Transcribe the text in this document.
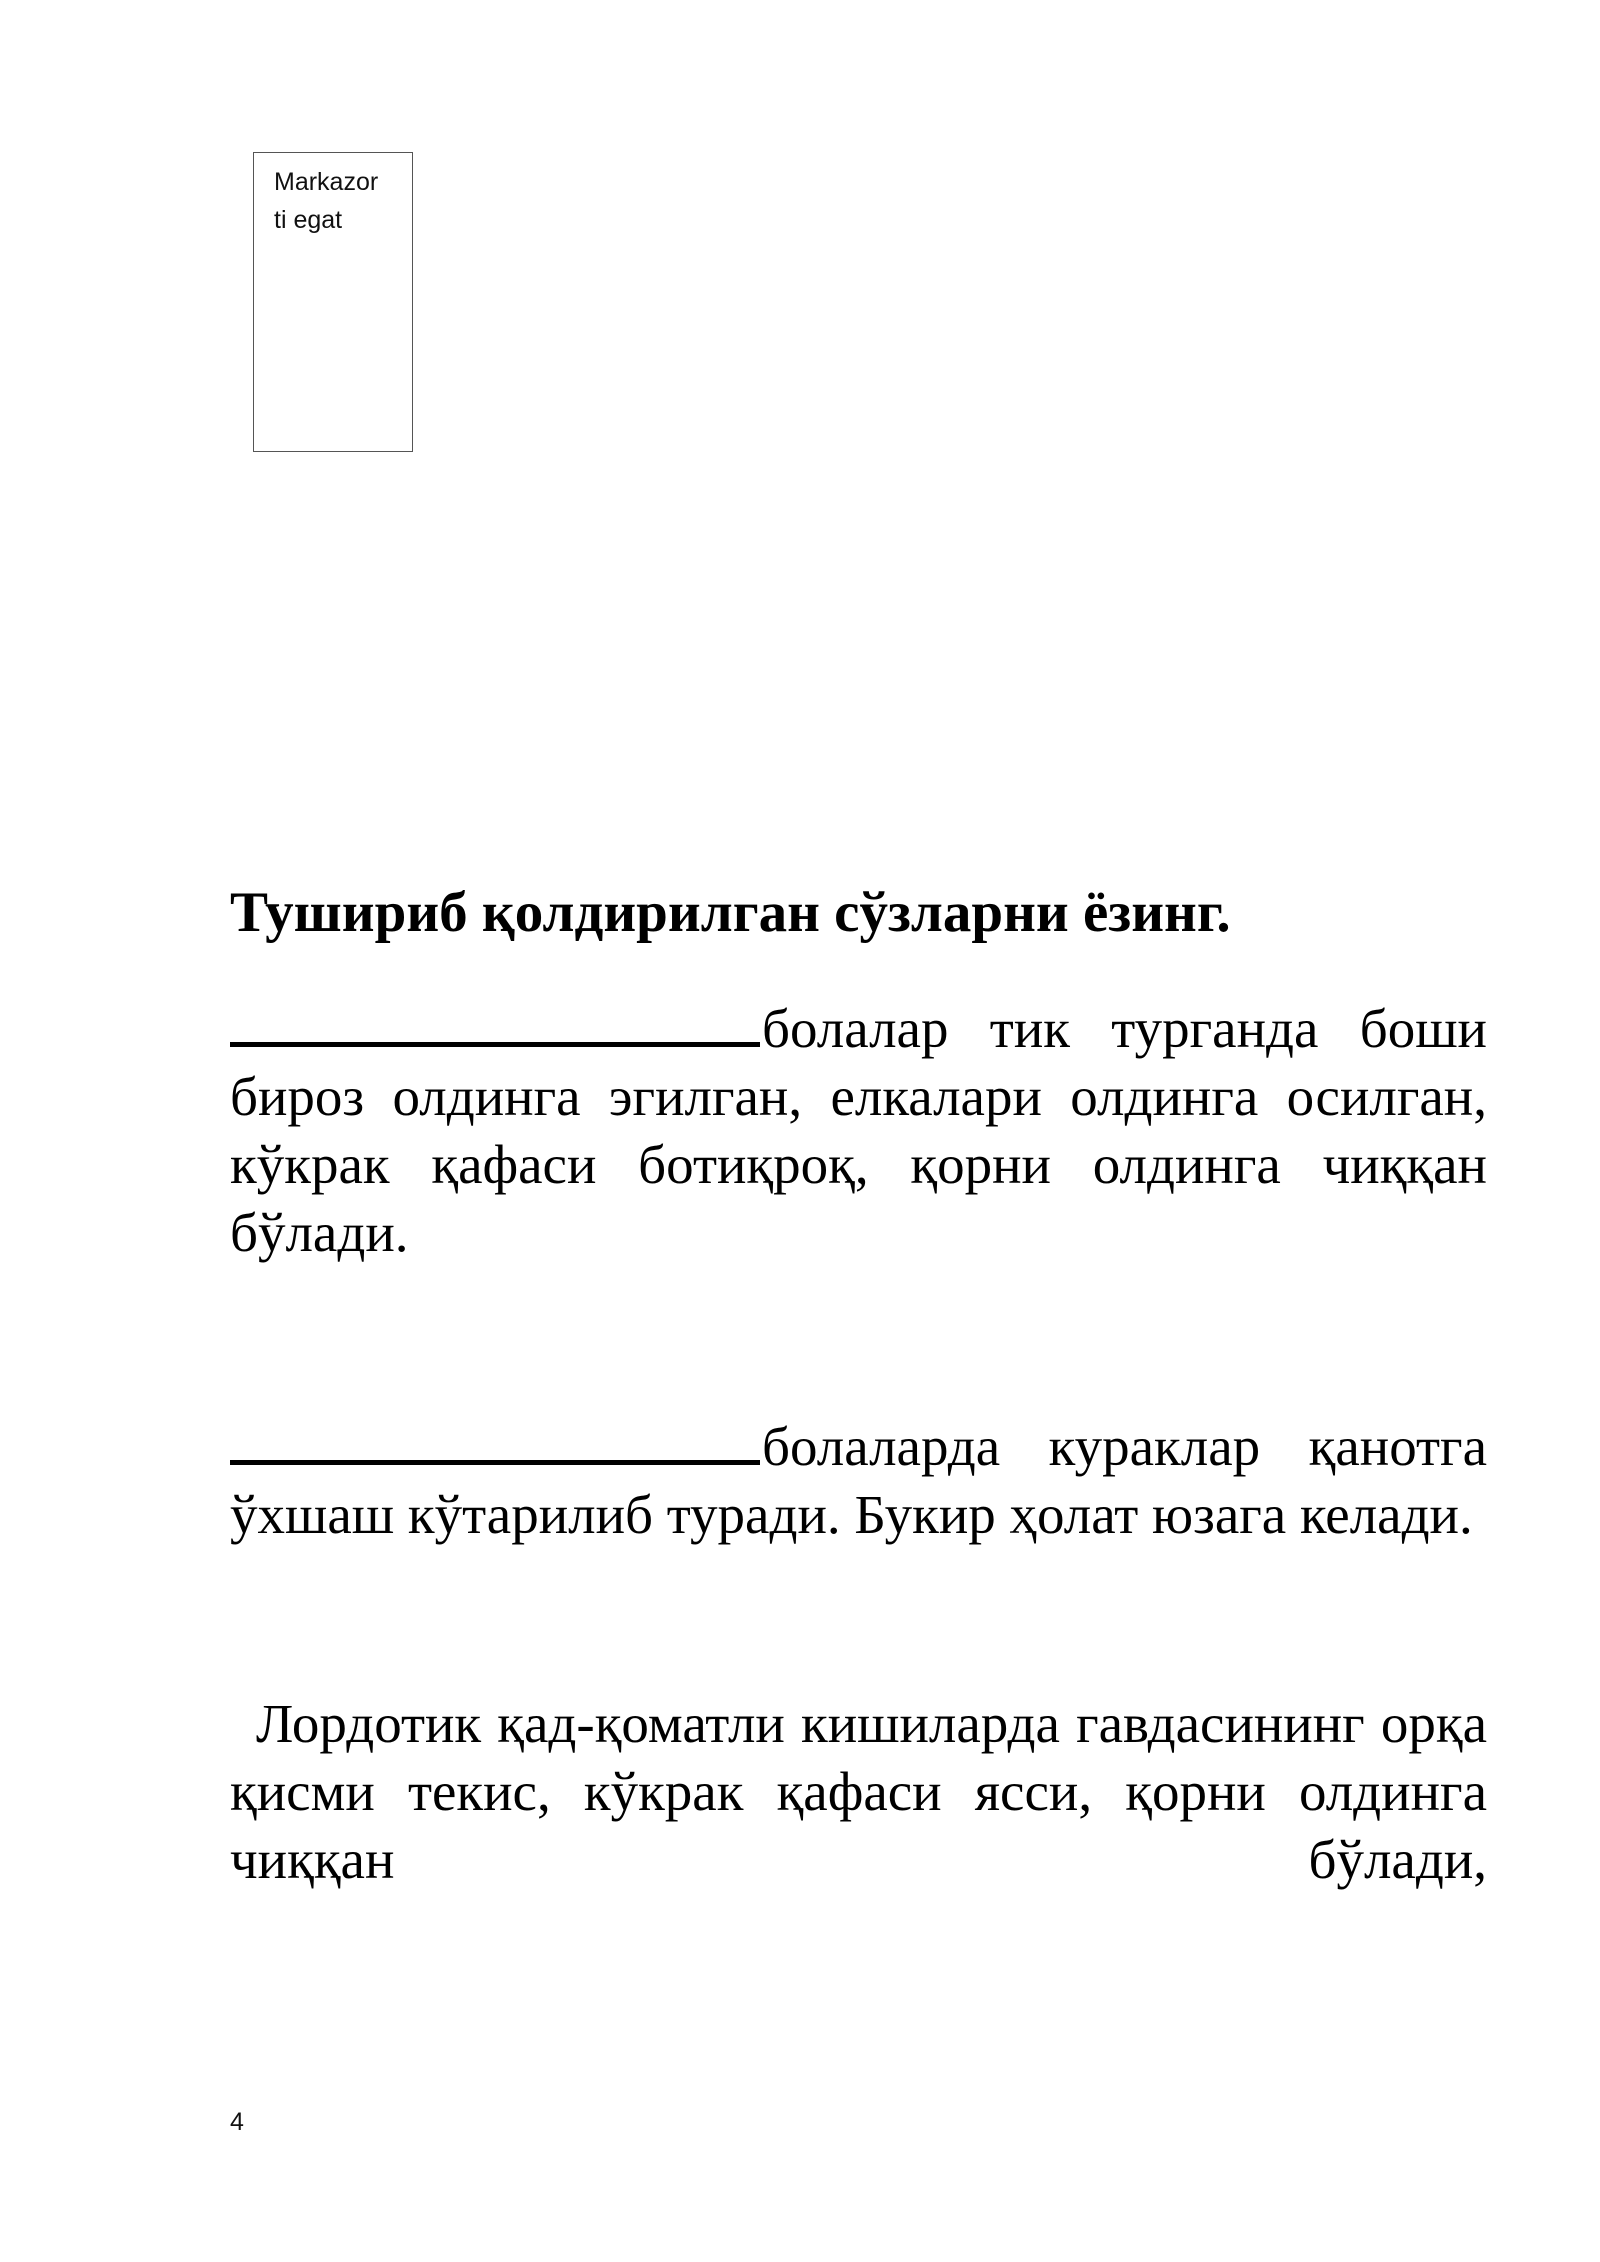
Markazor
ti egat
Тушириб қолдирилган сўзларни ёзинг.

болалар тик турганда боши бироз олдинга эгилган, елкалари олдинга осилган, кўкрак қафаси ботиқроқ, қорни олдинга чиққан бўлади.

болаларда кураклар қанотга ўхшаш кўтарилиб туради. Букир ҳолат юзага келади.

Лордотик қад-қоматли кишиларда гавдасининг орқа қисми текис, кўкрак қафаси ясси, қорни олдинга чиққан бўлади,

4
